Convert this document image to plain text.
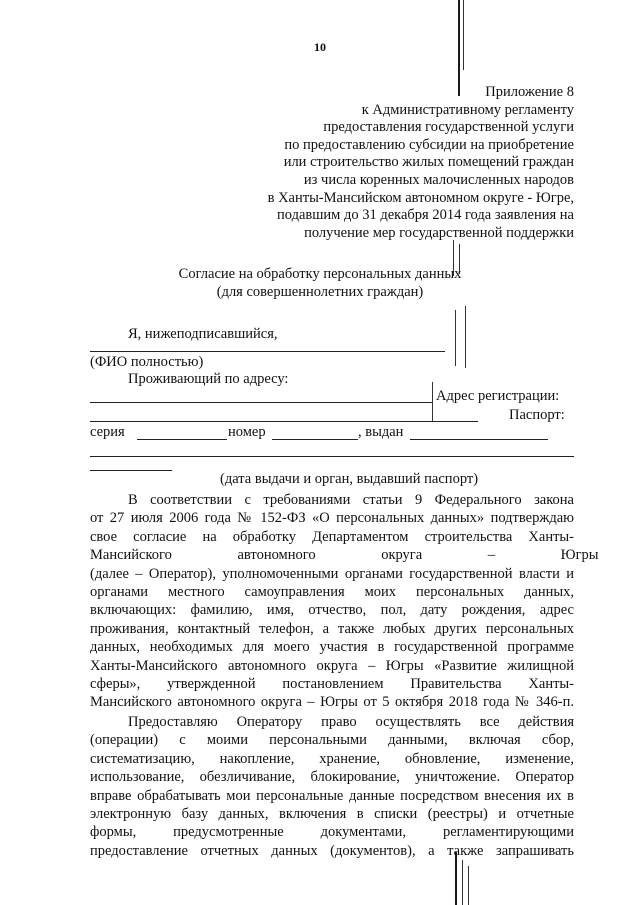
10
Приложение 8
к Административному регламенту
предоставления государственной услуги
по предоставлению субсидии на приобретение
или строительство жилых помещений граждан
из числа коренных малочисленных народов
в Ханты-Мансийском автономном округе - Югре,
подавшим до 31 декабря 2014 года заявления на
получение мер государственной поддержки
Согласие на обработку персональных данных
(для совершеннолетних граждан)
Я, нижеподписавшийся,
(ФИО полностью)
Проживающий по адресу:
Адрес регистрации:
Паспорт:
серия	номер	, выдан
(дата выдачи и орган, выдавший паспорт)
В соответствии с требованиями статьи 9 Федерального закона
от 27 июля 2006 года № 152-ФЗ «О персональных данных» подтверждаю
свое согласие на обработку Департаментом строительства Ханты-
Мансийского автономного округа – Югры
(далее – Оператор), уполномоченными органами государственной власти и
органами местного самоуправления моих персональных данных,
включающих: фамилию, имя, отчество, пол, дату рождения, адрес
проживания, контактный телефон, а также любых других персональных
данных, необходимых для моего участия в государственной программе
Ханты-Мансийского автономного округа – Югры «Развитие жилищной
сферы», утвержденной постановлением Правительства Ханты-
Мансийского автономного округа – Югры от 5 октября 2018 года № 346-п.
Предоставляю Оператору право осуществлять все действия
(операции) с моими персональными данными, включая сбор,
систематизацию, накопление, хранение, обновление, изменение,
использование, обезличивание, блокирование, уничтожение. Оператор
вправе обрабатывать мои персональные данные посредством внесения их в
электронную базу данных, включения в списки (реестры) и отчетные
формы, предусмотренные документами, регламентирующими
предоставление отчетных данных (документов), а также запрашивать
